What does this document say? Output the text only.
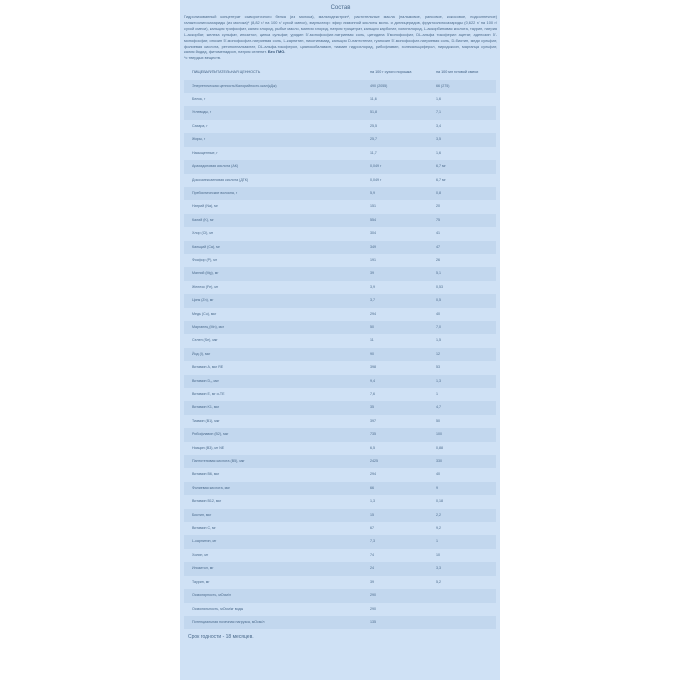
Состав

Гидролизованный концентрат сывороточного белка (из молока), мальтодекстрин*, растительные масла (пальмовое, рапсовое, кокосовое, подсолнечное) галактоолигосахариды (из молока)* (8,82 г/ на 100 г/ сухой смеси), эмульгатор: эфир лимонной кислоты моно- и диглицеридов, фруктоолигосахариды (0,622 г/ на 100 г/ сухой смеси), кальция трифосфат, калия хлорид, рыбье масло, магния хлорид, натрия трицитрат, кальция карбонат, холинхлорид, L-аскорбиновая кислота, таурин, натрия L-аскорбат, железа сульфат, инозитол, цинка сульфат, уридин 5'-монофосфат-натриевая соль, цитидина 5'монофосфат, DL-альфа токоферил ацетат, аденозин 5'-монофосфат, инозин 5'-монофосфат-натриевая соль, L-карнитин, никотинамид, кальция D-пантотенат, гуанозин 5'-монофосфат-натриевая соль, D-биотин, меди сульфат, фолиевая кислота, ретинолпальмитат, DL-альфа-токоферол, цианокобаламин, тиамин гидрохлорид, рибофлавин, холекальциферол, пиридоксин, марганца сульфат, калия йодид, фитоменадион, натрия селенит. Без ГМО.
*с твердых веществ.

ПИЩЕВАЯ/ПИТАТЕЛЬНАЯ ЦЕННОСТЬ	на 100 г сухого порошка	на 100 мл готовой смеси
Энергетическая ценность/Калорийность ккал(кДж)	490 (2055)	66 (275)
Белок, г	11,6	1,6
Углеводы, г	51,8	7,1
Сахара, г	25,5	3,4
Жиры, г	25,7	3,5
Насыщенные, г	11,7	1,6
Арахидоновая кислота (АК)	0,049 г	6,7 мг
Докозагексаеновая кислота (ДГК)	0,049 г	6,7 мг
Пребиотические волокна, г	5,9	0,8
Натрий (Na), мг	151	20
Калий (K), мг	554	75
Хлор (Cl), мг	304	41
Кальций (Ca), мг	349	47
Фосфор (P), мг	191	26
Магний (Mg), мг	39	5,1
Железо (Fe), мг	3,9	0,53
Цинк (Zn), мг	3,7	0,5
Медь (Cu), мкг	294	40
Марганец (Mn), мкг	50	7,0
Селен (Se), мкг	11	1,5
Йод (I), мкг	90	12
Витамин A, мкг RE	398	53
Витамин D₃, мкг	9,4	1,3
Витамин E, мг α-TE	7,6	1
Витамин K1, мкг	35	4,7
Тиамин (B1), мкг	397	50
Рибофлавин (B2), мкг	735	100
Ниацин (B3), мг NE	6,5	0,88
Пантотеновая кислота (B5), мкг	2425	330
Витамин B6, мкг	294	40
Фолиевая кислота, мкг	66	9
Витамин B12, мкг	1,3	0,18
Биотин, мкг	15	2,2
Витамин C, мг	67	9,2
L-карнитин, мг	7,3	1
Холин, мг	74	10
Инозитол, мг	24	3,3
Таурин, мг	39	5,2
Осмолярность, мОсм/л	290	
Осмоляльность, мОсм/кг воды	290	
Потенциальная почечная нагрузка, мОсм/л	135	
Срок годности - 18 месяцев.
